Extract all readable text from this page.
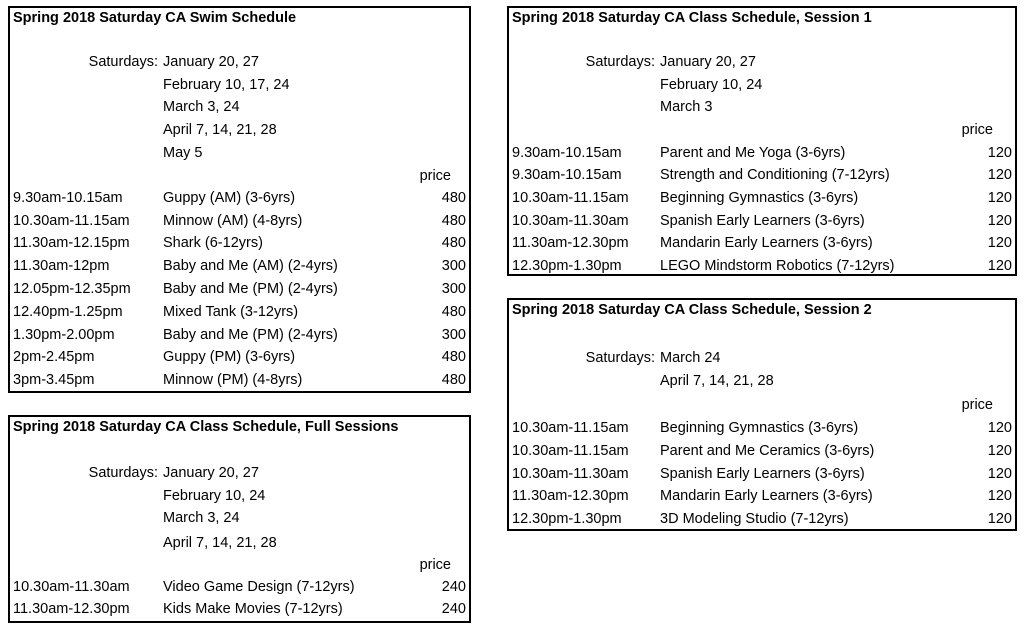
Spring 2018 Saturday CA Swim Schedule
Saturdays: January 20, 27
February 10, 17, 24
March 3, 24
April 7, 14, 21, 28
May 5
price
9.30am-10.15am	Guppy (AM) (3-6yrs)	480
10.30am-11.15am Minnow (AM) (4-8yrs)	480
11.30am-12.15pm Shark (6-12yrs)	480
11.30am-12pm	Baby and Me (AM) (2-4yrs)	300
12.05pm-12.35pm Baby and Me (PM) (2-4yrs)	300
12.40pm-1.25pm	Mixed Tank (3-12yrs)	480
1.30pm-2.00pm	Baby and Me (PM) (2-4yrs)	300
2pm-2.45pm	Guppy (PM) (3-6yrs)	480
3pm-3.45pm	Minnow (PM) (4-8yrs)	480
Spring 2018 Saturday CA Class Schedule, Full Sessions
Saturdays: January 20, 27
February 10, 24
March 3, 24
April 7, 14, 21, 28
price
10.30am-11.30am Video Game Design (7-12yrs)	240
11.30am-12.30pm Kids Make Movies (7-12yrs)	240
Spring 2018 Saturday CA Class Schedule, Session 1
Saturdays: January 20, 27
February 10, 24
March 3
price
9.30am-10.15am	Parent and Me Yoga (3-6yrs)	120
9.30am-10.15am	Strength and Conditioning (7-12yrs)	120
10.30am-11.15am Beginning Gymnastics (3-6yrs)	120
10.30am-11.30am Spanish Early Learners (3-6yrs)	120
11.30am-12.30pm Mandarin Early Learners (3-6yrs)	120
12.30pm-1.30pm	LEGO Mindstorm Robotics (7-12yrs)	120
Spring 2018 Saturday CA Class Schedule, Session 2
Saturdays: March 24
April 7, 14, 21, 28
price
10.30am-11.15am Beginning Gymnastics (3-6yrs)	120
10.30am-11.15am Parent and Me Ceramics (3-6yrs)	120
10.30am-11.30am Spanish Early Learners (3-6yrs)	120
11.30am-12.30pm Mandarin Early Learners (3-6yrs)	120
12.30pm-1.30pm	3D Modeling Studio (7-12yrs)	120
